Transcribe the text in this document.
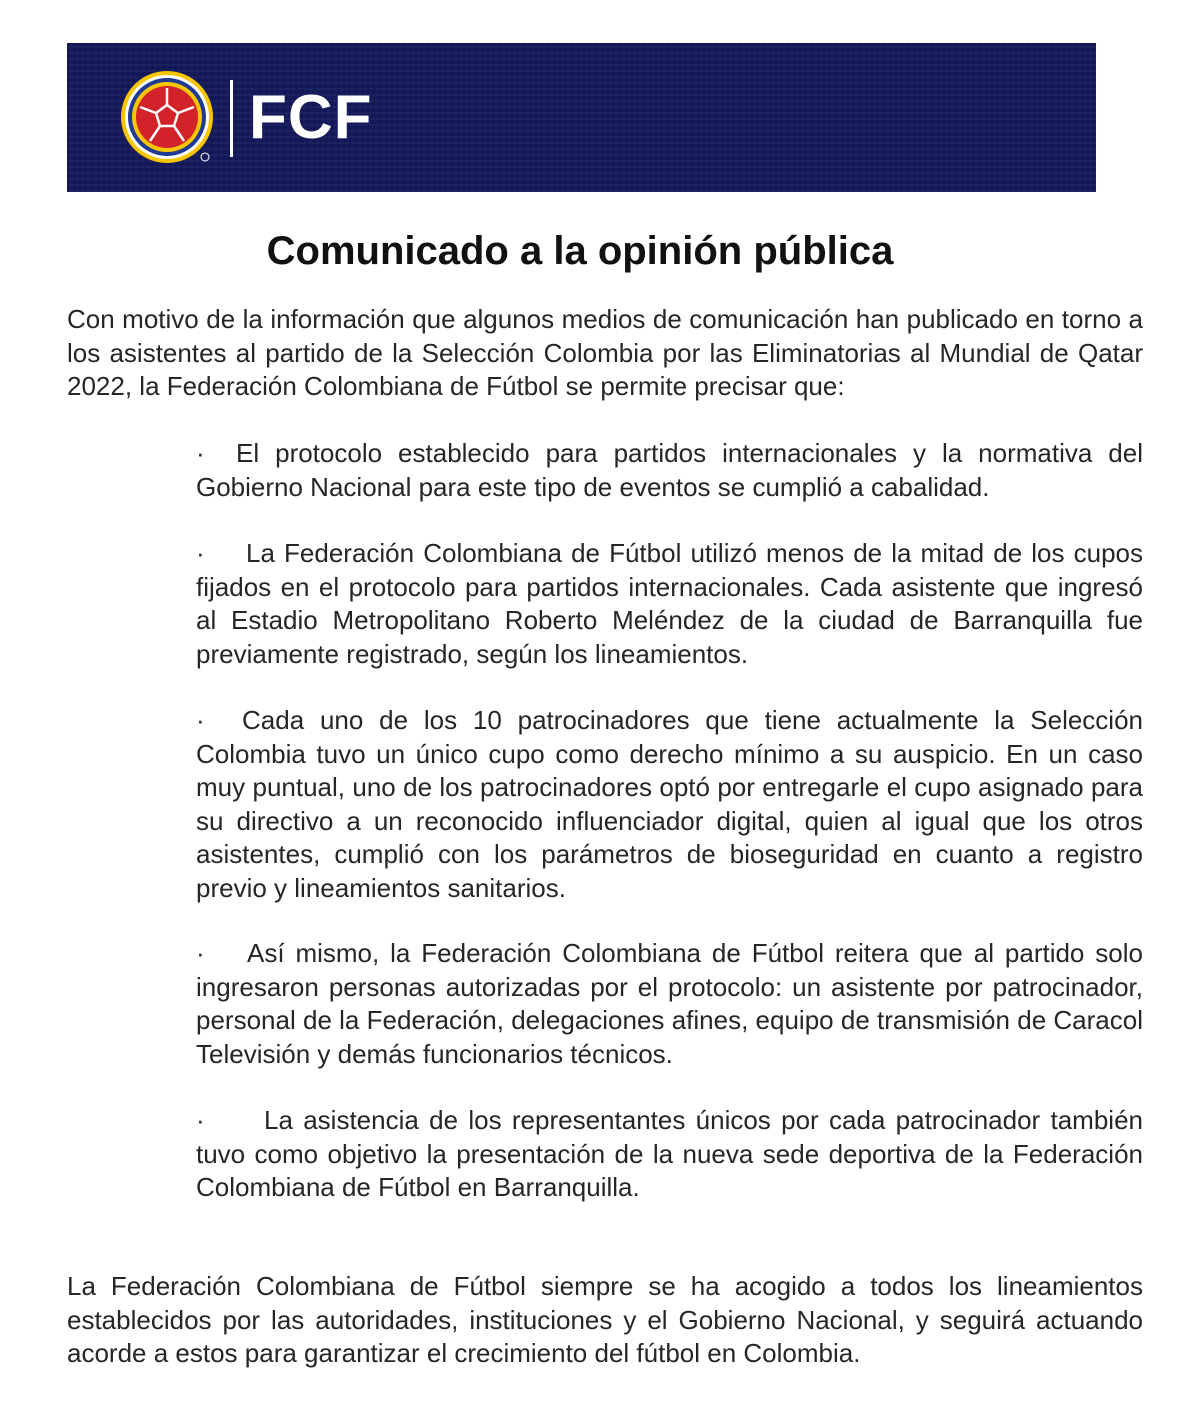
FCF
Comunicado a la opinión pública

Con motivo de la información que algunos medios de comunicación han publicado en torno a los asistentes al partido de la Selección Colombia por las Eliminatorias al Mundial de Qatar 2022, la Federación Colombiana de Fútbol se permite precisar que:

· El protocolo establecido para partidos internacionales y la normativa del Gobierno Nacional para este tipo de eventos se cumplió a cabalidad.

· La Federación Colombiana de Fútbol utilizó menos de la mitad de los cupos fijados en el protocolo para partidos internacionales. Cada asistente que ingresó al Estadio Metropolitano Roberto Meléndez de la ciudad de Barranquilla fue previamente registrado, según los lineamientos.

· Cada uno de los 10 patrocinadores que tiene actualmente la Selección Colombia tuvo un único cupo como derecho mínimo a su auspicio. En un caso muy puntual, uno de los patrocinadores optó por entregarle el cupo asignado para su directivo a un reconocido influenciador digital, quien al igual que los otros asistentes, cumplió con los parámetros de bioseguridad en cuanto a registro previo y lineamientos sanitarios.

· Así mismo, la Federación Colombiana de Fútbol reitera que al partido solo ingresaron personas autorizadas por el protocolo: un asistente por patrocinador, personal de la Federación, delegaciones afines, equipo de transmisión de Caracol Televisión y demás funcionarios técnicos.

· La asistencia de los representantes únicos por cada patrocinador también tuvo como objetivo la presentación de la nueva sede deportiva de la Federación Colombiana de Fútbol en Barranquilla.

La Federación Colombiana de Fútbol siempre se ha acogido a todos los lineamientos establecidos por las autoridades, instituciones y el Gobierno Nacional, y seguirá actuando acorde a estos para garantizar el crecimiento del fútbol en Colombia.
